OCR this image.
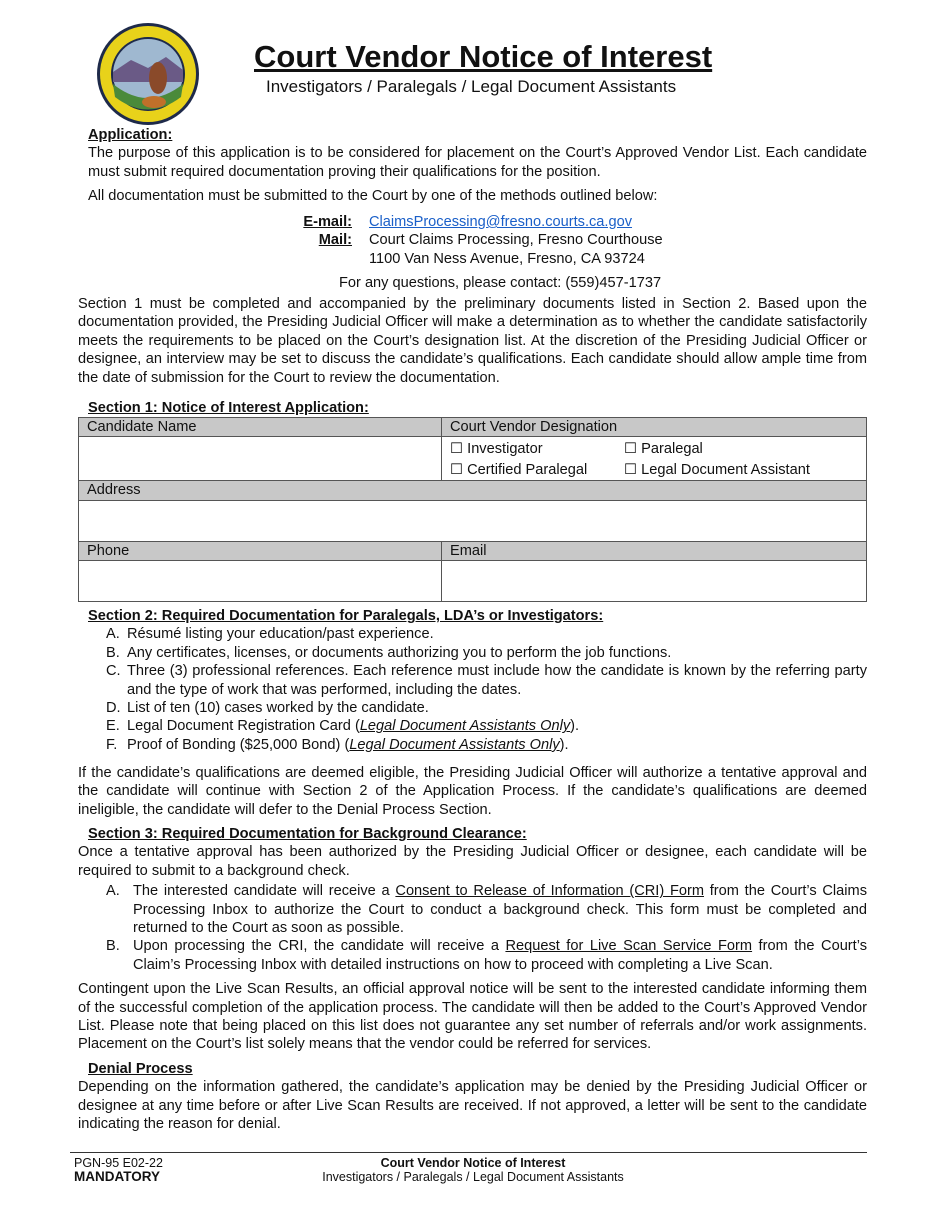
Court Vendor Notice of Interest
Investigators / Paralegals / Legal Document Assistants
Application:

The purpose of this application is to be considered for placement on the Court’s Approved Vendor List. Each candidate must submit required documentation proving their qualifications for the position.

All documentation must be submitted to the Court by one of the methods outlined below:

E-mail: ClaimsProcessing@fresno.courts.ca.gov
Mail: Court Claims Processing, Fresno Courthouse
1100 Van Ness Avenue, Fresno, CA 93724
For any questions, please contact: (559)457-1737
Section 1 must be completed and accompanied by the preliminary documents listed in Section 2. Based upon the documentation provided, the Presiding Judicial Officer will make a determination as to whether the candidate satisfactorily meets the requirements to be placed on the Court’s designation list. At the discretion of the Presiding Judicial Officer or designee, an interview may be set to discuss the candidate’s qualifications. Each candidate should allow ample time from the date of submission for the Court to review the documentation.
Section 1: Notice of Interest Application:
Candidate Name	Court Vendor Designation

	☐ Investigator ☐ Paralegal
☐ Certified Paralegal ☐ Legal Document Assistant

Address	

Phone	Email

Section 2: Required Documentation for Paralegals, LDA’s or Investigators:
A. Résumé listing your education/past experience.
B. Any certificates, licenses, or documents authorizing you to perform the job functions.
C. Three (3) professional references. Each reference must include how the candidate is known by the referring party and the type of work that was performed, including the dates.
D. List of ten (10) cases worked by the candidate.
E. Legal Document Registration Card (Legal Document Assistants Only).
F. Proof of Bonding ($25,000 Bond) (Legal Document Assistants Only).
If the candidate’s qualifications are deemed eligible, the Presiding Judicial Officer will authorize a tentative approval and the candidate will continue with Section 2 of the Application Process. If the candidate’s qualifications are deemed ineligible, the candidate will defer to the Denial Process Section.
Section 3: Required Documentation for Background Clearance:

Once a tentative approval has been authorized by the Presiding Judicial Officer or designee, each candidate will be required to submit to a background check.

A. The interested candidate will receive a Consent to Release of Information (CRI) Form from the Court’s Claims Processing Inbox to authorize the Court to conduct a background check. This form must be completed and returned to the Court as soon as possible.
B. Upon processing the CRI, the candidate will receive a Request for Live Scan Service Form from the Court’s Claim’s Processing Inbox with detailed instructions on how to proceed with completing a Live Scan.

Contingent upon the Live Scan Results, an official approval notice will be sent to the interested candidate informing them of the successful completion of the application process. The candidate will then be added to the Court’s Approved Vendor List. Please note that being placed on this list does not guarantee any set number of referrals and/or work assignments. Placement on the Court’s list solely means that the vendor could be referred for services.

Denial Process

Depending on the information gathered, the candidate’s application may be denied by the Presiding Judicial Officer or designee at any time before or after Live Scan Results are received. If not approved, a letter will be sent to the candidate indicating the reason for denial.

PGN-95 E02-22
MANDATORY
Court Vendor Notice of Interest
Investigators / Paralegals / Legal Document Assistants
